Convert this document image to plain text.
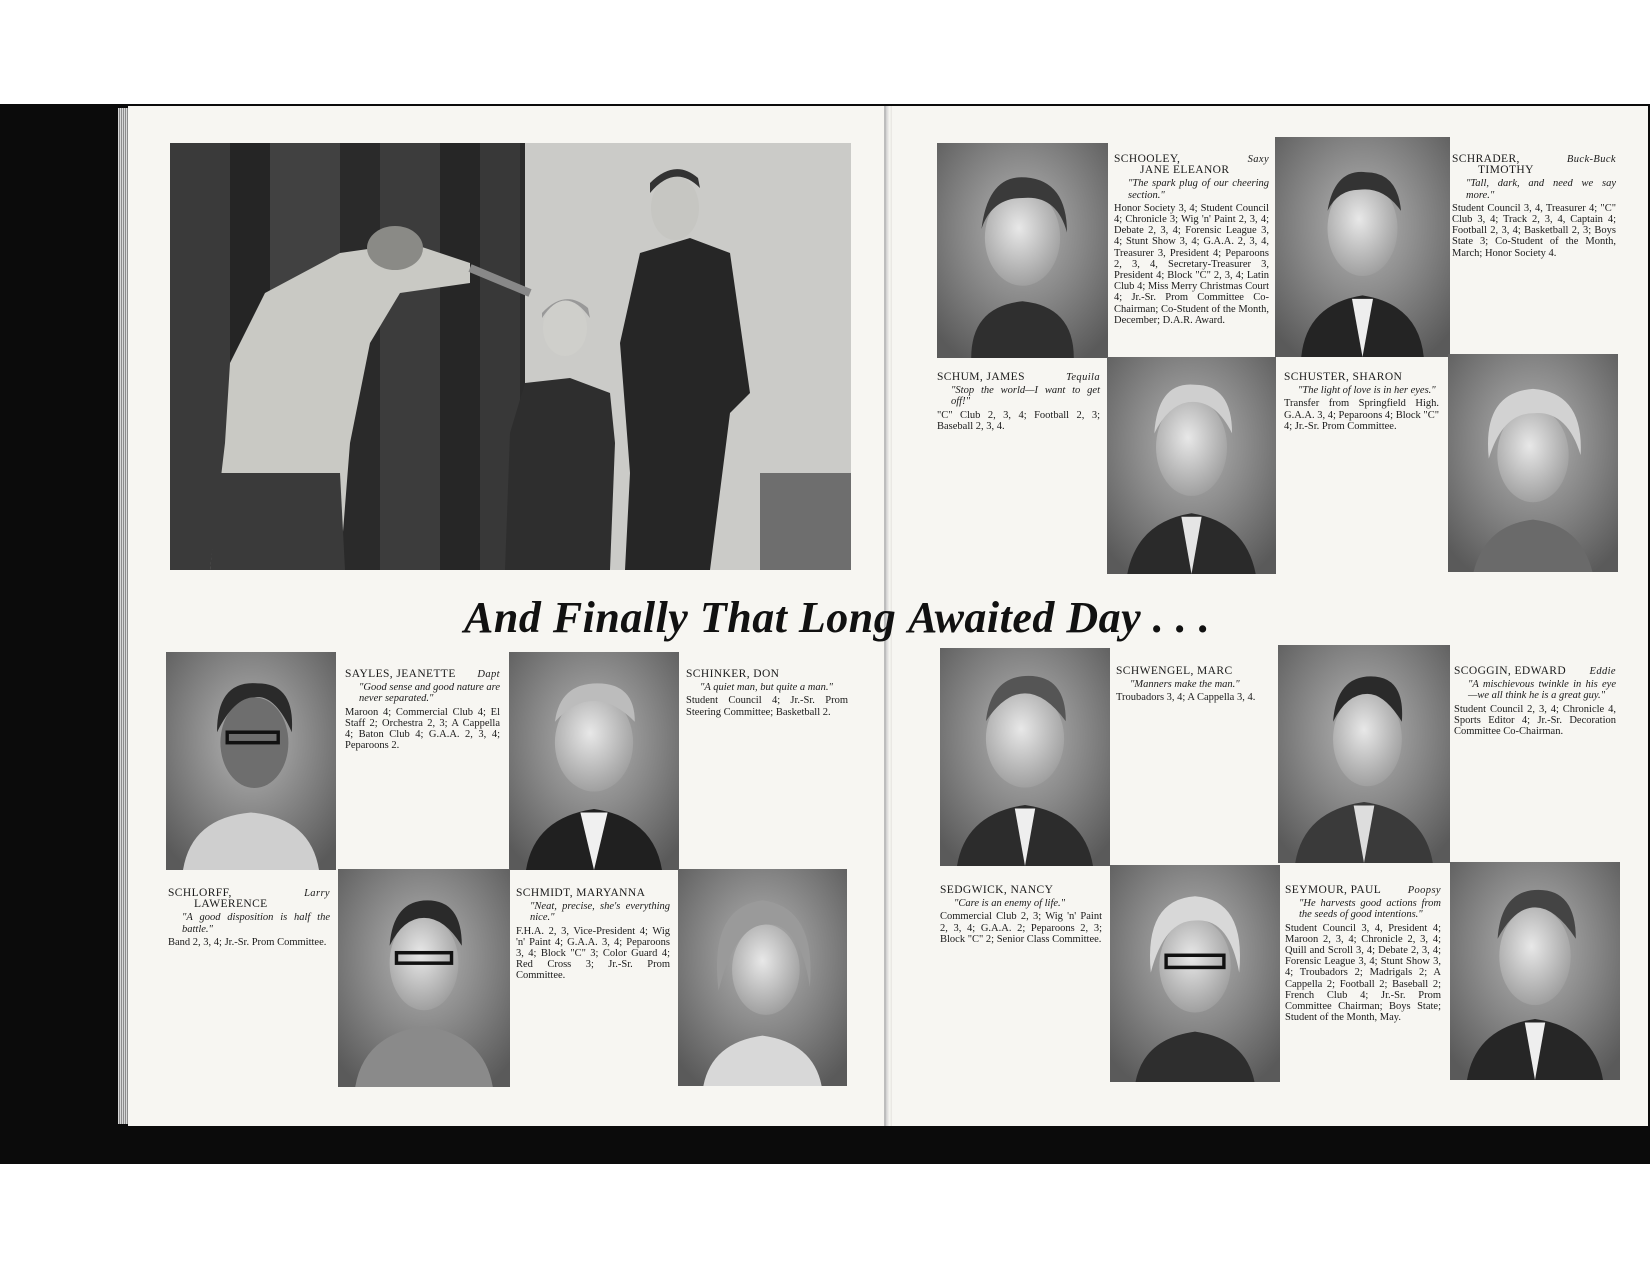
And Finally That Long Awaited Day . . .
SCHOOLEY,	Saxy
JANE ELEANOR
"The spark plug of our cheering section."
Honor Society 3, 4; Student Council 4; Chronicle 3; Wig 'n' Paint 2, 3, 4; Debate 2, 3, 4; Forensic League 3, 4; Stunt Show 3, 4; G.A.A. 2, 3, 4, Treasurer 3, President 4; Peparoons 2, 3, 4, Secretary-Treasurer 3, President 4; Block "C" 2, 3, 4; Latin Club 4; Miss Merry Christmas Court 4; Jr.-Sr. Prom Committee Co-Chairman; Co-Student of the Month, December; D.A.R. Award.
SCHRADER,	Buck-Buck
TIMOTHY
"Tall, dark, and need we say more."
Student Council 3, 4, Treasurer 4; "C" Club 3, 4; Track 2, 3, 4, Captain 4; Football 2, 3, 4; Basketball 2, 3; Boys State 3; Co-Student of the Month, March; Honor Society 4.
SCHUM, JAMES	Tequila
"Stop the world—I want to get off!"
"C" Club 2, 3, 4; Football 2, 3; Baseball 2, 3, 4.
SCHUSTER, SHARON
"The light of love is in her eyes."
Transfer from Springfield High. G.A.A. 3, 4; Peparoons 4; Block "C" 4; Jr.-Sr. Prom Committee.
SAYLES, JEANETTE Dapt
"Good sense and good nature are never separated."
Maroon 4; Commercial Club 4; El Staff 2; Orchestra 2, 3; A Cappella 4; Baton Club 4; G.A.A. 2, 3, 4; Peparoons 2.
SCHINKER, DON
"A quiet man, but quite a man."
Student Council 4; Jr.-Sr. Prom Steering Committee; Basketball 2.
SCHLORFF,	Larry
LAWERENCE
"A good disposition is half the battle."
Band 2, 3, 4; Jr.-Sr. Prom Committee.
SCHMIDT, MARYANNA
"Neat, precise, she's everything nice."
F.H.A. 2, 3, Vice-President 4; Wig 'n' Paint 4; G.A.A. 3, 4; Peparoons 3, 4; Block "C" 3; Color Guard 4; Red Cross 3; Jr.-Sr. Prom Committee.
SCHWENGEL, MARC
"Manners make the man."
Troubadors 3, 4; A Cappella 3, 4.
SCOGGIN, EDWARD Eddie
"A mischievous twinkle in his eye—we all think he is a great guy."
Student Council 2, 3, 4; Chronicle 4, Sports Editor 4; Jr.-Sr. Decoration Committee Co-Chairman.
SEDGWICK, NANCY
"Care is an enemy of life."
Commercial Club 2, 3; Wig 'n' Paint 2, 3, 4; G.A.A. 2; Peparoons 2, 3; Block "C" 2; Senior Class Committee.
SEYMOUR, PAUL	Poopsy
"He harvests good actions from the seeds of good intentions."
Student Council 3, 4, President 4; Maroon 2, 3, 4; Chronicle 2, 3, 4; Quill and Scroll 3, 4; Debate 2, 3, 4; Forensic League 3, 4; Stunt Show 3, 4; Troubadors 2; Madrigals 2; A Cappella 2; Football 2; Baseball 2; French Club 4; Jr.-Sr. Prom Committee Chairman; Boys State; Student of the Month, May.
